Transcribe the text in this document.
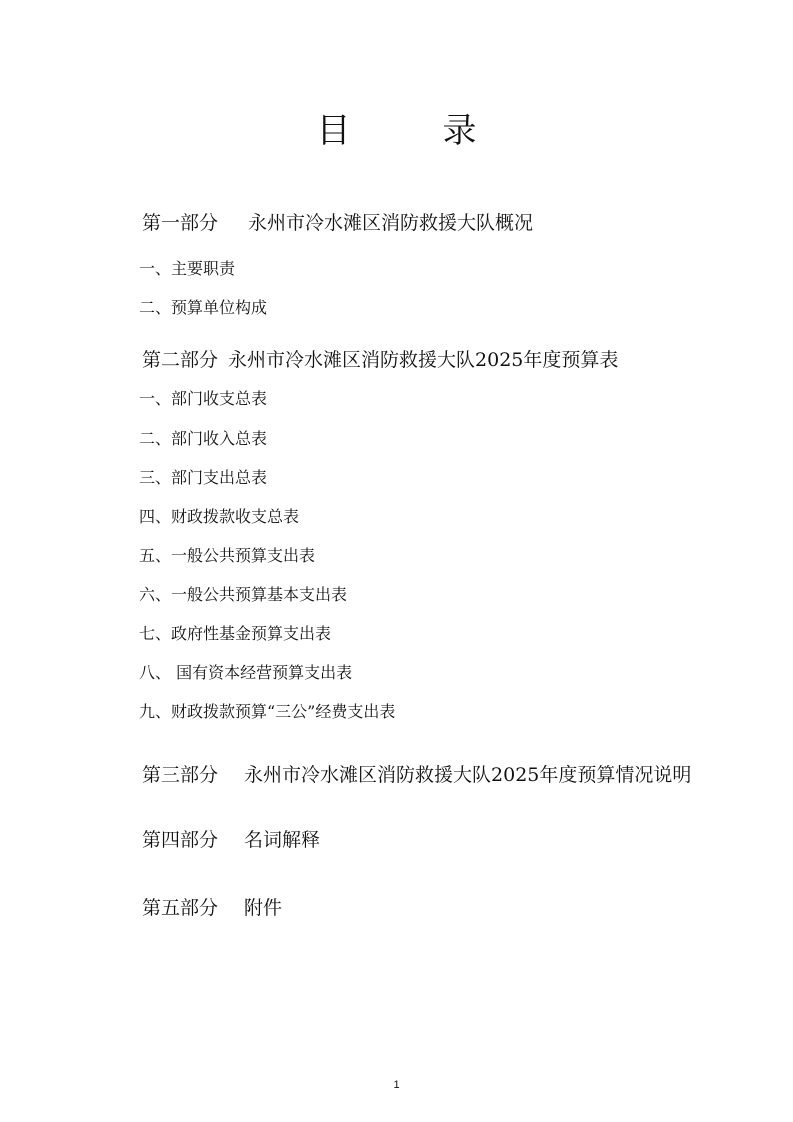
目	录
第一部分 永州市冷水滩区消防救援大队概况
一、主要职责
二、预算单位构成
第二部分 永州市冷水滩区消防救援大队2025年度预算表
一、部门收支总表
二、部门收入总表
三、部门支出总表
四、财政拨款收支总表
五、一般公共预算支出表
六、一般公共预算基本支出表
七、政府性基金预算支出表
八、 国有资本经营预算支出表
九、财政拨款预算“三公”经费支出表
第三部分 永州市冷水滩区消防救援大队2025年度预算情况说明
第四部分 名词解释
第五部分 附件
1
